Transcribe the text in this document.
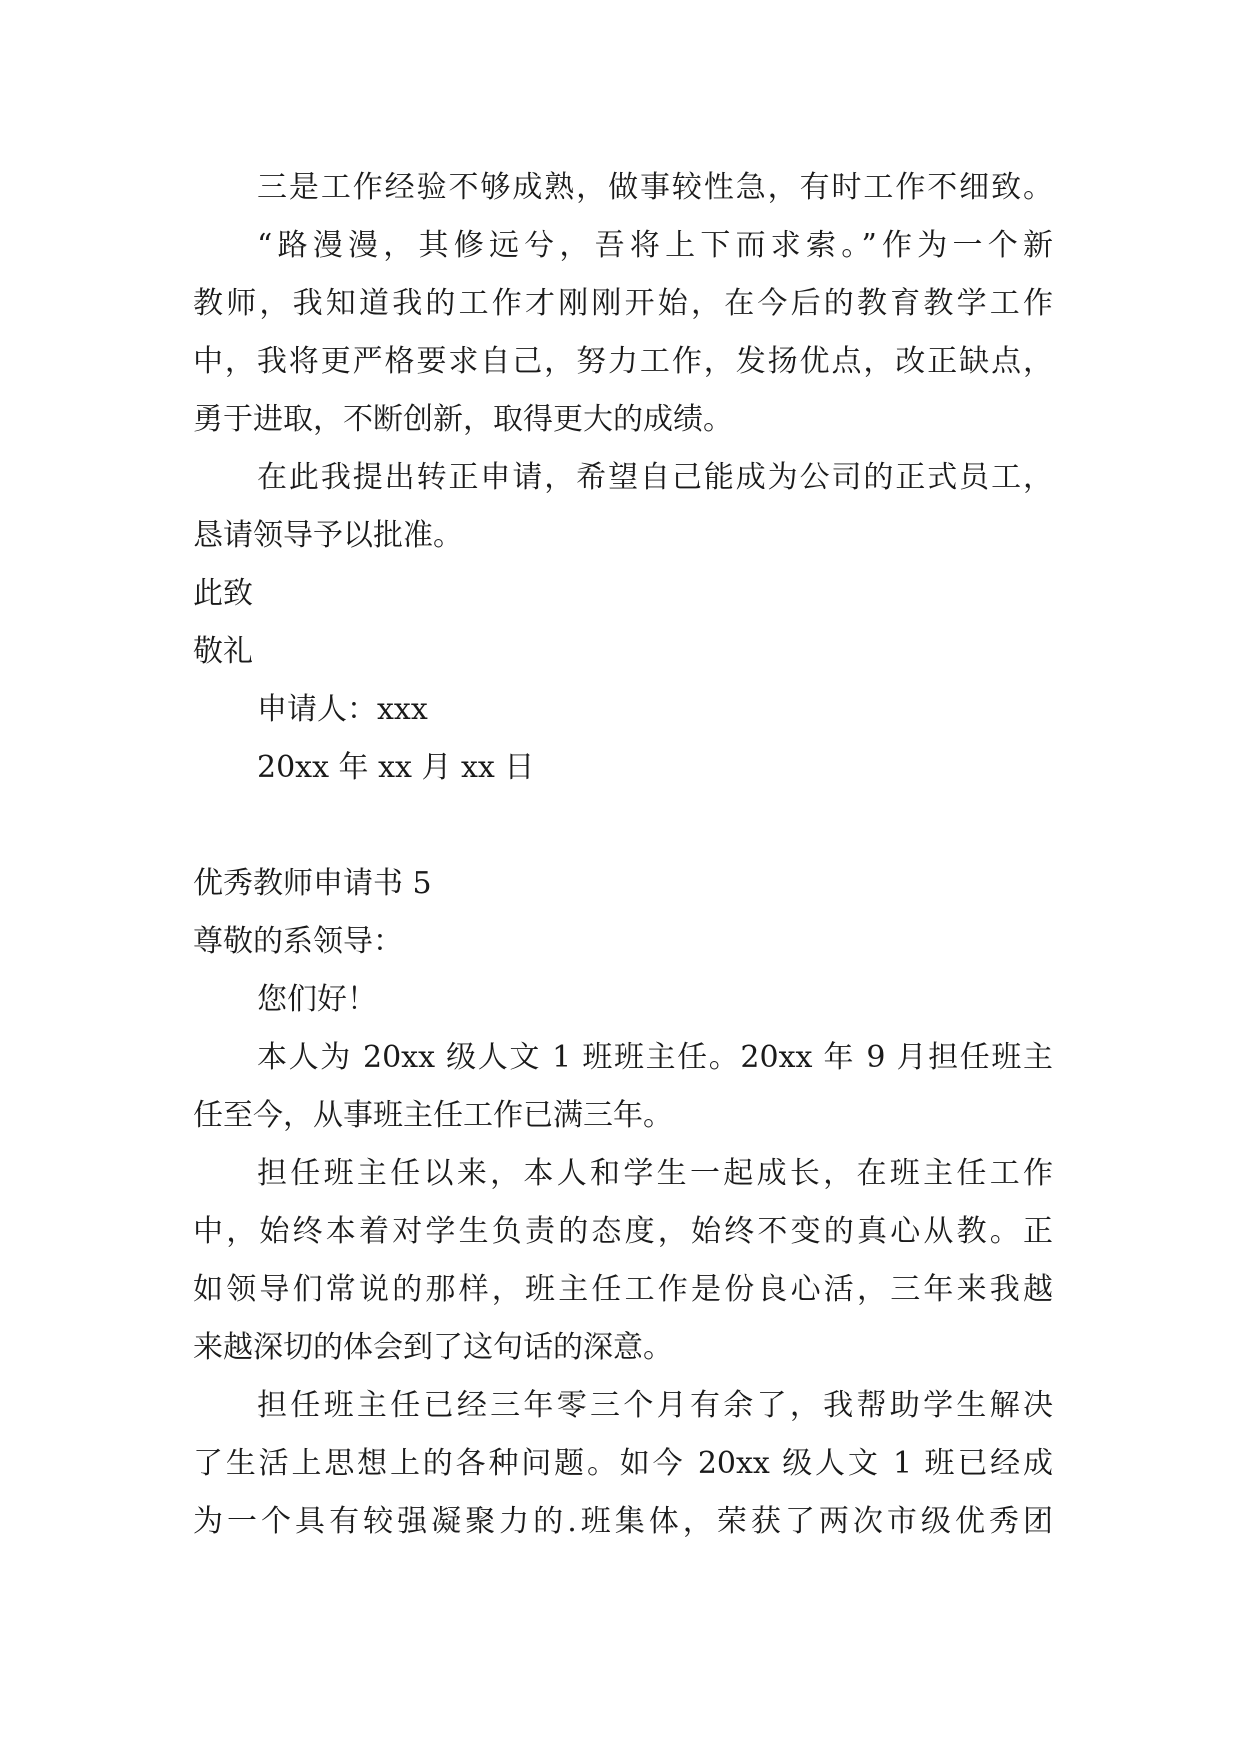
三是工作经验不够成熟，做事较性急，有时工作不细致。
“路漫漫，其修远兮，吾将上下而求索。”作为一个新
教师，我知道我的工作才刚刚开始，在今后的教育教学工作
中，我将更严格要求自己，努力工作，发扬优点，改正缺点，
勇于进取，不断创新，取得更大的成绩。
在此我提出转正申请，希望自己能成为公司的正式员工，
恳请领导予以批准。
此致
敬礼
申请人：xxx
20xx 年 xx 月 xx 日
优秀教师申请书 5
尊敬的系领导：
您们好！
本人为 20xx 级人文 1 班班主任。20xx 年 9 月担任班主
任至今，从事班主任工作已满三年。
担任班主任以来，本人和学生一起成长，在班主任工作
中，始终本着对学生负责的态度，始终不变的真心从教。正
如领导们常说的那样，班主任工作是份良心活，三年来我越
来越深切的体会到了这句话的深意。
担任班主任已经三年零三个月有余了，我帮助学生解决
了生活上思想上的各种问题。如今 20xx 级人文 1 班已经成
为一个具有较强凝聚力的.班集体，荣获了两次市级优秀团
